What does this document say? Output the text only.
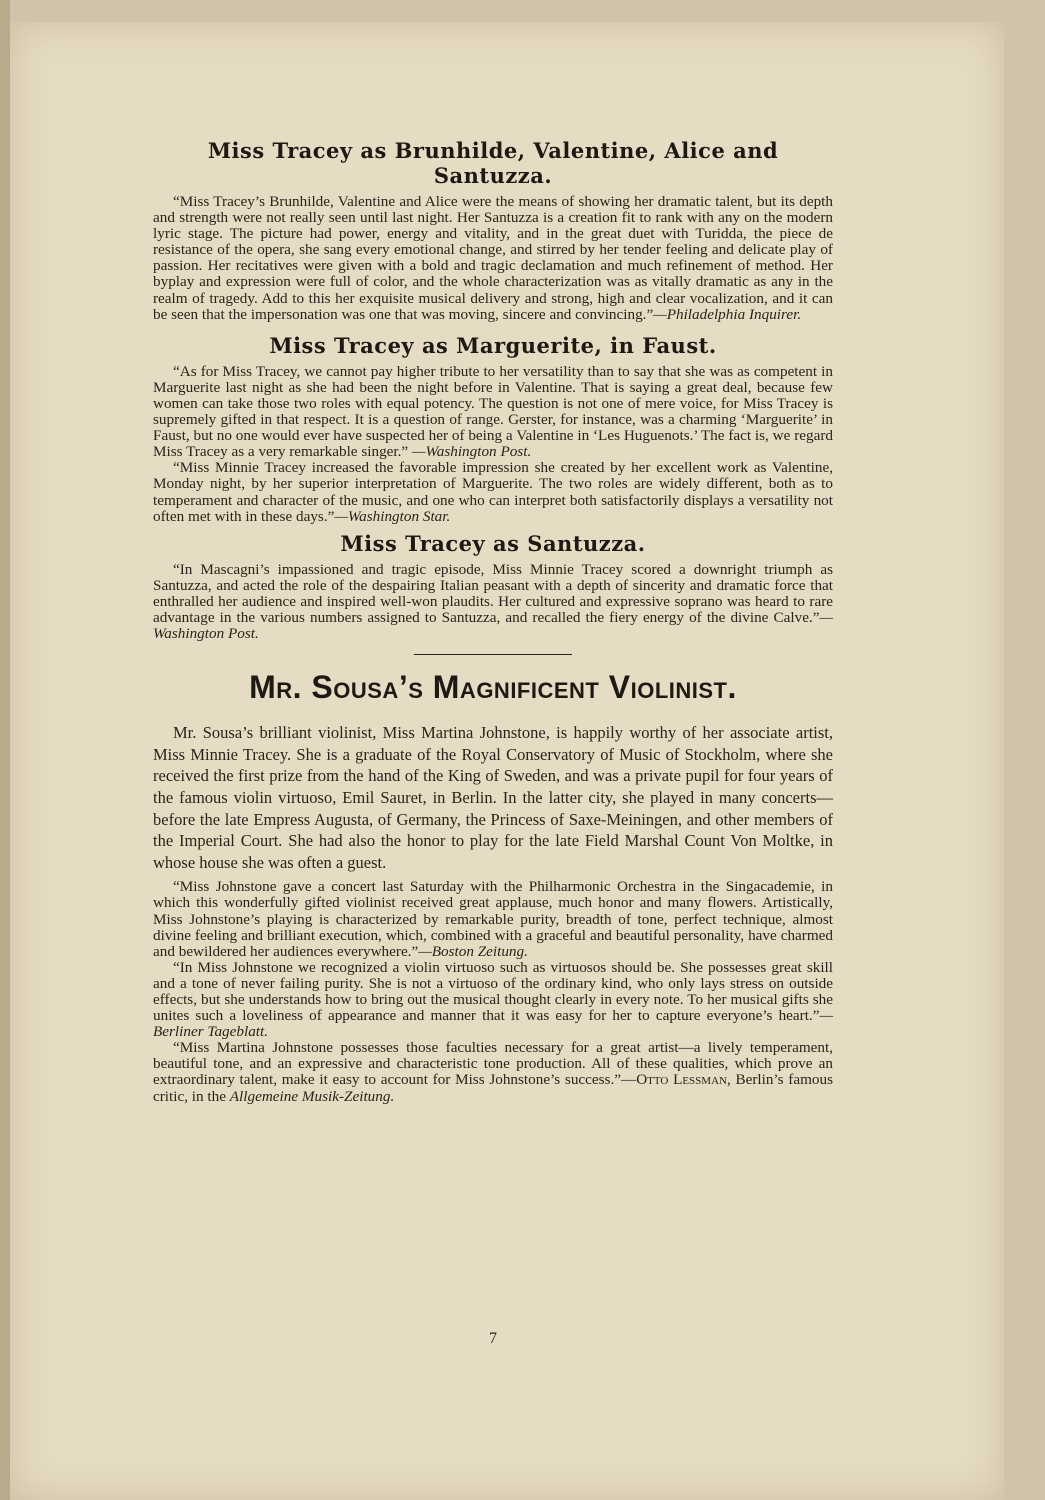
Miss Tracey as Brunhilde, Valentine, Alice and Santuzza.

“Miss Tracey’s Brunhilde, Valentine and Alice were the means of showing her dramatic talent, but its depth and strength were not really seen until last night. Her Santuzza is a creation fit to rank with any on the modern lyric stage. The picture had power, energy and vitality, and in the great duet with Turidda, the piece de resistance of the opera, she sang every emotional change, and stirred by her tender feeling and delicate play of passion. Her recitatives were given with a bold and tragic declamation and much refinement of method. Her byplay and expression were full of color, and the whole characterization was as vitally dramatic as any in the realm of tragedy. Add to this her exquisite musical delivery and strong, high and clear vocalization, and it can be seen that the impersonation was one that was moving, sincere and convincing.”—Philadelphia Inquirer.

Miss Tracey as Marguerite, in Faust.

“As for Miss Tracey, we cannot pay higher tribute to her versatility than to say that she was as competent in Marguerite last night as she had been the night before in Valentine. That is saying a great deal, because few women can take those two roles with equal potency. The question is not one of mere voice, for Miss Tracey is supremely gifted in that respect. It is a question of range. Gerster, for instance, was a charming ‘Marguerite’ in Faust, but no one would ever have suspected her of being a Valentine in ‘Les Huguenots.’ The fact is, we regard Miss Tracey as a very remarkable singer.” —Washington Post.

“Miss Minnie Tracey increased the favorable impression she created by her excellent work as Valentine, Monday night, by her superior interpretation of Marguerite. The two roles are widely different, both as to temperament and character of the music, and one who can interpret both satisfactorily displays a versatility not often met with in these days.”—Washington Star.

Miss Tracey as Santuzza.

“In Mascagni’s impassioned and tragic episode, Miss Minnie Tracey scored a downright triumph as Santuzza, and acted the role of the despairing Italian peasant with a depth of sincerity and dramatic force that enthralled her audience and inspired well-won plaudits. Her cultured and expressive soprano was heard to rare advantage in the various numbers assigned to Santuzza, and recalled the fiery energy of the divine Calve.”— Washington Post.

Mr. Sousa’s Magnificent Violinist.

Mr. Sousa’s brilliant violinist, Miss Martina Johnstone, is happily worthy of her associate artist, Miss Minnie Tracey. She is a graduate of the Royal Conservatory of Music of Stockholm, where she received the first prize from the hand of the King of Sweden, and was a private pupil for four years of the famous violin virtuoso, Emil Sauret, in Berlin. In the latter city, she played in many concerts—before the late Empress Augusta, of Germany, the Princess of Saxe-Meiningen, and other members of the Imperial Court. She had also the honor to play for the late Field Marshal Count Von Moltke, in whose house she was often a guest.

“Miss Johnstone gave a concert last Saturday with the Philharmonic Orchestra in the Singacademie, in which this wonderfully gifted violinist received great applause, much honor and many flowers. Artistically, Miss Johnstone’s playing is characterized by remarkable purity, breadth of tone, perfect technique, almost divine feeling and brilliant execution, which, combined with a graceful and beautiful personality, have charmed and bewildered her audiences everywhere.”—Boston Zeitung.

“In Miss Johnstone we recognized a violin virtuoso such as virtuosos should be. She possesses great skill and a tone of never failing purity. She is not a virtuoso of the ordinary kind, who only lays stress on outside effects, but she understands how to bring out the musical thought clearly in every note. To her musical gifts she unites such a loveliness of appearance and manner that it was easy for her to capture everyone’s heart.”—Berliner Tageblatt.

“Miss Martina Johnstone possesses those faculties necessary for a great artist—a lively temperament, beautiful tone, and an expressive and characteristic tone production. All of these qualities, which prove an extraordinary talent, make it easy to account for Miss Johnstone’s success.”—Otto Lessman, Berlin’s famous critic, in the Allgemeine Musik-Zeitung.

7
